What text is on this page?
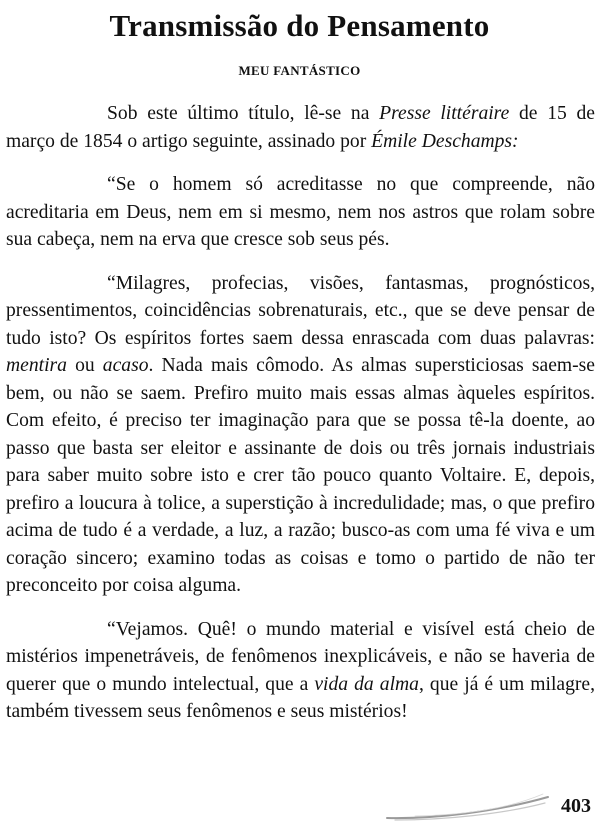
Transmissão do Pensamento
MEU FANTÁSTICO

Sob este último título, lê-se na Presse littéraire de 15 de março de 1854 o artigo seguinte, assinado por Émile Deschamps:

“Se o homem só acreditasse no que compreende, não acreditaria em Deus, nem em si mesmo, nem nos astros que rolam sobre sua cabeça, nem na erva que cresce sob seus pés.

“Milagres, profecias, visões, fantasmas, prognósticos, pressentimentos, coincidências sobrenaturais, etc., que se deve pensar de tudo isto? Os espíritos fortes saem dessa enrascada com duas palavras: mentira ou acaso. Nada mais cômodo. As almas supersticiosas saem-se bem, ou não se saem. Prefiro muito mais essas almas àqueles espíritos. Com efeito, é preciso ter imaginação para que se possa tê-la doente, ao passo que basta ser eleitor e assinante de dois ou três jornais industriais para saber muito sobre isto e crer tão pouco quanto Voltaire. E, depois, prefiro a loucura à tolice, a superstição à incredulidade; mas, o que prefiro acima de tudo é a verdade, a luz, a razão; busco-as com uma fé viva e um coração sincero; examino todas as coisas e tomo o partido de não ter preconceito por coisa alguma.

“Vejamos. Quê! o mundo material e visível está cheio de mistérios impenetráveis, de fenômenos inexplicáveis, e não se haveria de querer que o mundo intelectual, que a vida da alma, que já é um milagre, também tivessem seus fenômenos e seus mistérios!

403
